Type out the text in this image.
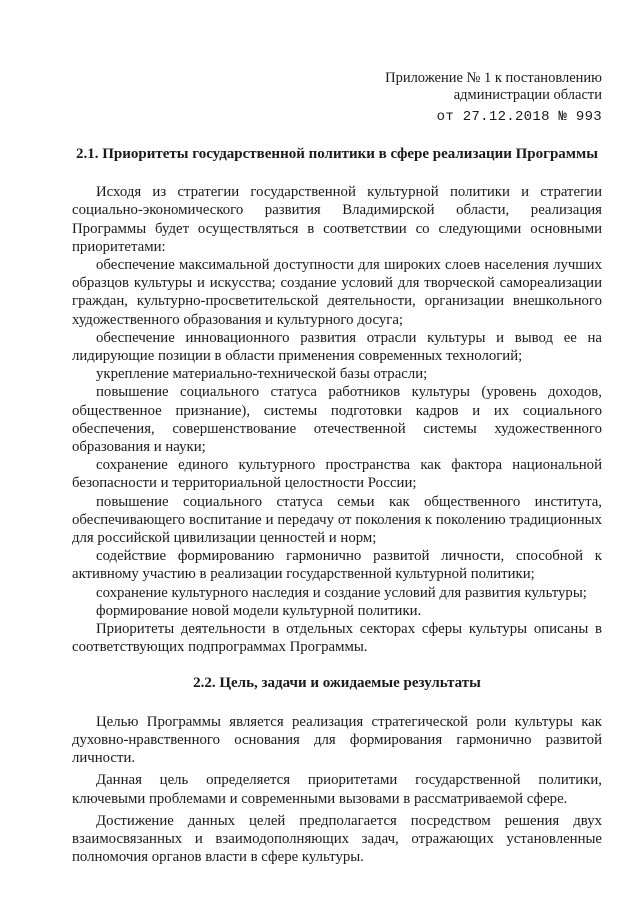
Приложение № 1 к постановлению
администрации области
от 27.12.2018 № 993
2.1. Приоритеты государственной политики в сфере реализации Программы

Исходя из стратегии государственной культурной политики и стратегии социально-экономического развития Владимирской области, реализация Программы будет осуществляться в соответствии со следующими основными приоритетами:

обеспечение максимальной доступности для широких слоев населения лучших образцов культуры и искусства; создание условий для творческой самореализации граждан, культурно-просветительской деятельности, организации внешкольного художественного образования и культурного досуга;

обеспечение инновационного развития отрасли культуры и вывод ее на лидирующие позиции в области применения современных технологий;

укрепление материально-технической базы отрасли;

повышение социального статуса работников культуры (уровень доходов, общественное признание), системы подготовки кадров и их социального обеспечения, совершенствование отечественной системы художественного образования и науки;

сохранение единого культурного пространства как фактора национальной безопасности и территориальной целостности России;

повышение социального статуса семьи как общественного института, обеспечивающего воспитание и передачу от поколения к поколению традиционных для российской цивилизации ценностей и норм;

содействие формированию гармонично развитой личности, способной к активному участию в реализации государственной культурной политики;

сохранение культурного наследия и создание условий для развития культуры;

формирование новой модели культурной политики.

Приоритеты деятельности в отдельных секторах сферы культуры описаны в соответствующих подпрограммах Программы.

2.2. Цель, задачи и ожидаемые результаты

Целью Программы является реализация стратегической роли культуры как духовно-нравственного основания для формирования гармонично развитой личности.

Данная цель определяется приоритетами государственной политики, ключевыми проблемами и современными вызовами в рассматриваемой сфере.

Достижение данных целей предполагается посредством решения двух взаимосвязанных и взаимодополняющих задач, отражающих установленные полномочия органов власти в сфере культуры.
